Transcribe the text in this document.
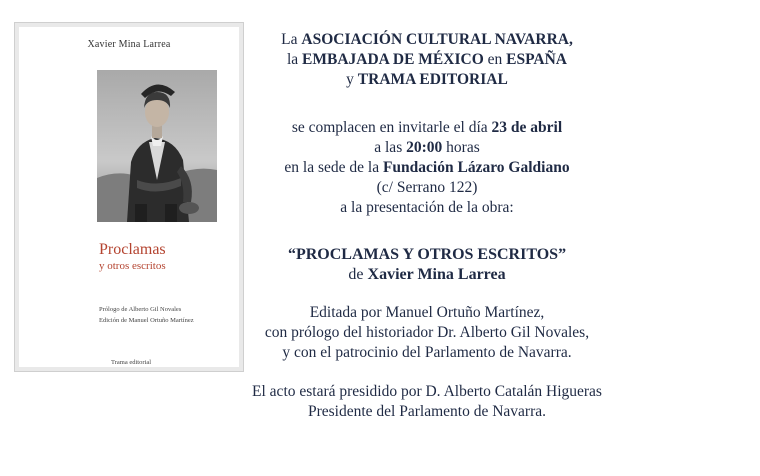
Xavier Mina Larrea
Proclamas
y otros escritos
Prólogo de Alberto Gil Novales
Edición de Manuel Ortuño Martínez
Trama editorial
La ASOCIACIÓN CULTURAL NAVARRA,
la EMBAJADA DE MÉXICO en ESPAÑA
y TRAMA EDITORIAL
se complacen en invitarle el día 23 de abril
a las 20:00 horas
en la sede de la Fundación Lázaro Galdiano
(c/ Serrano 122)
a la presentación de la obra:
“PROCLAMAS Y OTROS ESCRITOS”
de Xavier Mina Larrea
Editada por Manuel Ortuño Martínez,
con prólogo del historiador Dr. Alberto Gil Novales,
y con el patrocinio del Parlamento de Navarra.
El acto estará presidido por D. Alberto Catalán Higueras
Presidente del Parlamento de Navarra.
